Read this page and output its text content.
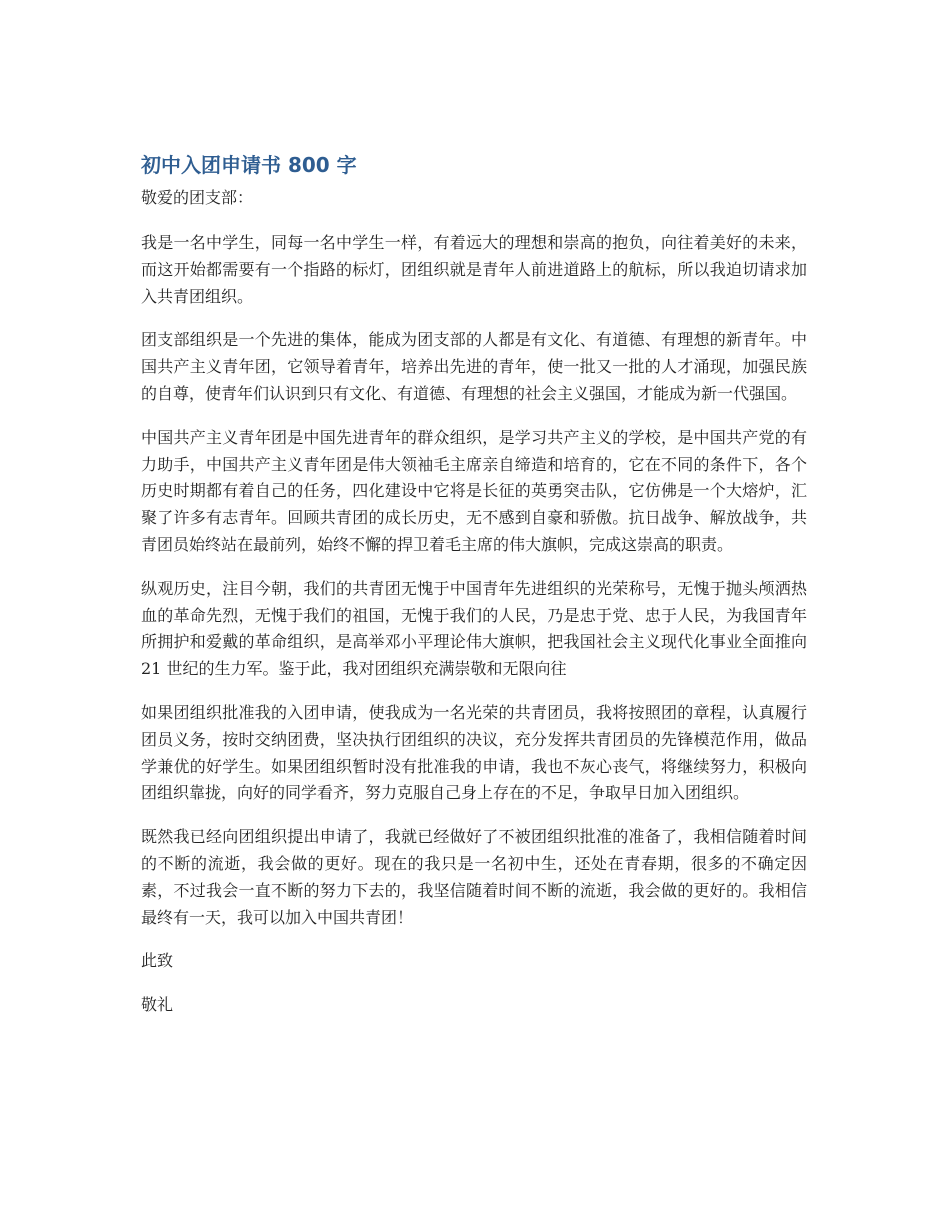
初中入团申请书 800 字

敬爱的团支部：

我是一名中学生，同每一名中学生一样，有着远大的理想和崇高的抱负，向往着美好的未来，而这开始都需要有一个指路的标灯，团组织就是青年人前进道路上的航标，所以我迫切请求加入共青团组织。

团支部组织是一个先进的集体，能成为团支部的人都是有文化、有道德、有理想的新青年。中国共产主义青年团，它领导着青年，培养出先进的青年，使一批又一批的人才涌现，加强民族的自尊，使青年们认识到只有文化、有道德、有理想的社会主义强国，才能成为新一代强国。

中国共产主义青年团是中国先进青年的群众组织，是学习共产主义的学校，是中国共产党的有力助手，中国共产主义青年团是伟大领袖毛主席亲自缔造和培育的，它在不同的条件下，各个历史时期都有着自己的任务，四化建设中它将是长征的英勇突击队，它仿佛是一个大熔炉，汇聚了许多有志青年。回顾共青团的成长历史，无不感到自豪和骄傲。抗日战争、解放战争，共青团员始终站在最前列，始终不懈的捍卫着毛主席的伟大旗帜，完成这崇高的职责。

纵观历史，注目今朝，我们的共青团无愧于中国青年先进组织的光荣称号，无愧于抛头颅洒热血的革命先烈，无愧于我们的祖国，无愧于我们的人民，乃是忠于党、忠于人民，为我国青年所拥护和爱戴的革命组织，是高举邓小平理论伟大旗帜，把我国社会主义现代化事业全面推向 21 世纪的生力军。鉴于此，我对团组织充满崇敬和无限向往

如果团组织批准我的入团申请，使我成为一名光荣的共青团员，我将按照团的章程，认真履行团员义务，按时交纳团费，坚决执行团组织的决议，充分发挥共青团员的先锋模范作用，做品学兼优的好学生。如果团组织暂时没有批准我的申请，我也不灰心丧气，将继续努力，积极向团组织靠拢，向好的同学看齐，努力克服自己身上存在的不足，争取早日加入团组织。

既然我已经向团组织提出申请了，我就已经做好了不被团组织批准的准备了，我相信随着时间的不断的流逝，我会做的更好。现在的我只是一名初中生，还处在青春期，很多的不确定因素，不过我会一直不断的努力下去的，我坚信随着时间不断的流逝，我会做的更好的。我相信最终有一天，我可以加入中国共青团！

此致

敬礼
